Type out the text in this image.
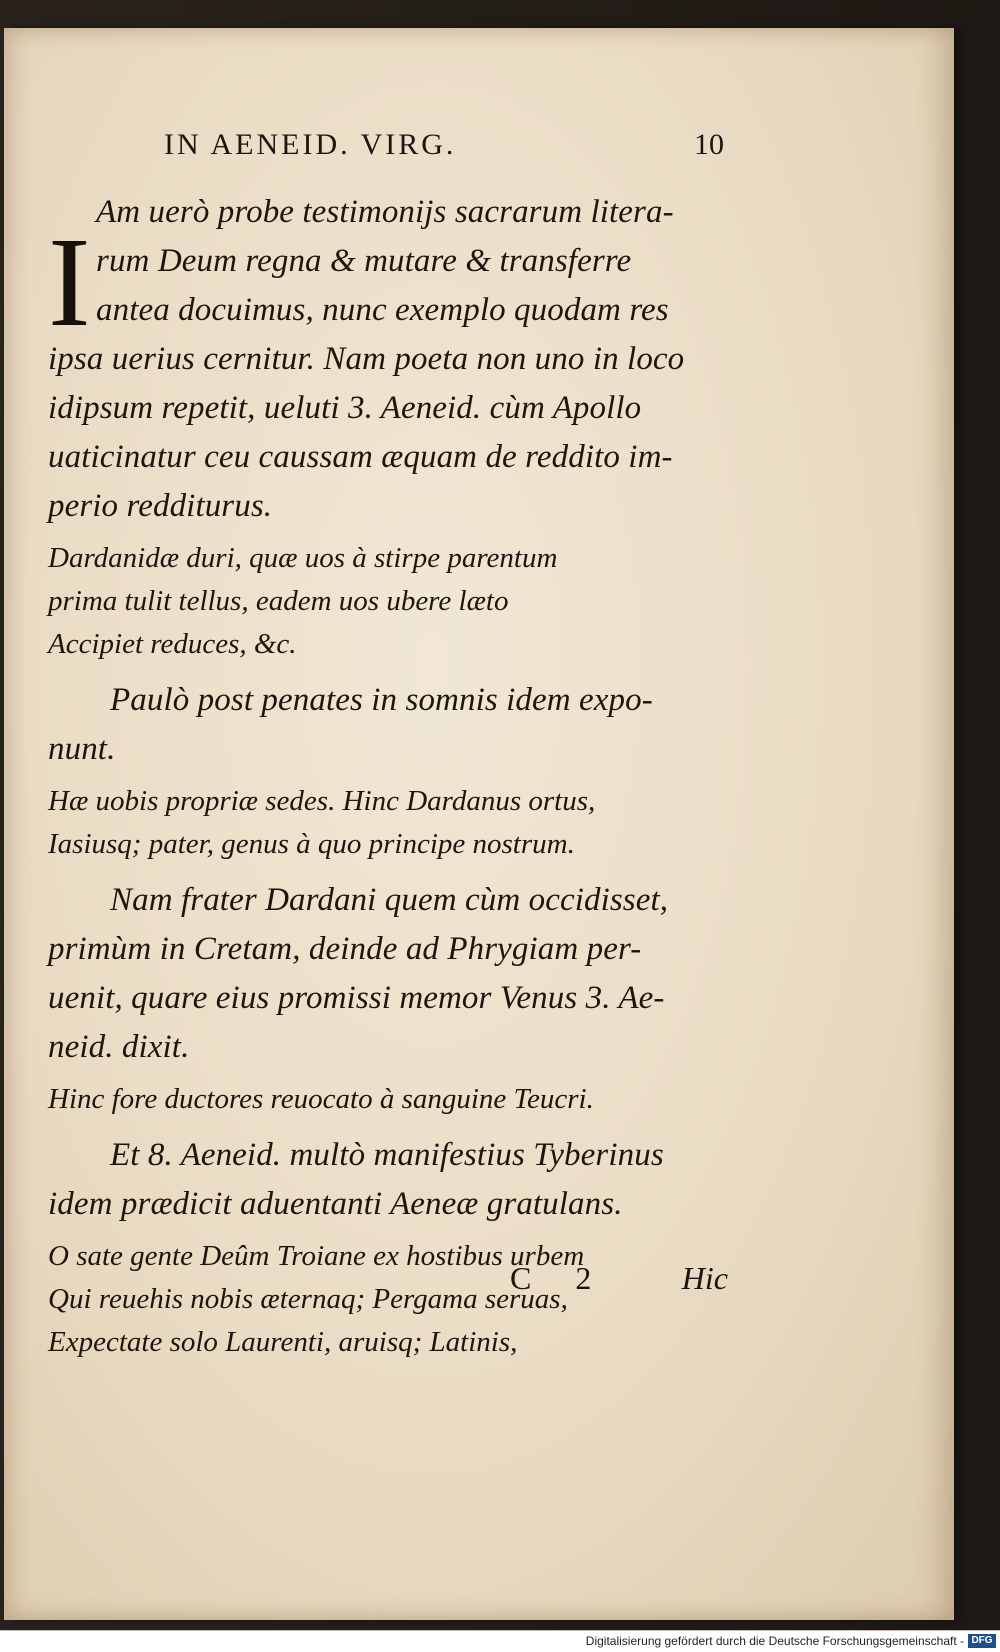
IN AENEID. VIRG.	10
I Am uerò probe testimonijs sacrarum litera-
rum Deum regna & mutare & transferre
antea docuimus, nunc exemplo quodam res
ipsa uerius cernitur. Nam poeta non uno in loco
idipsum repetit, ueluti 3. Aeneid. cùm Apollo
uaticinatur ceu caussam æquam de reddito im-
perio redditurus.
Dardanidæ duri, quæ uos à stirpe parentum
prima tulit tellus, eadem uos ubere læto
Accipiet reduces, &c.
Paulò post penates in somnis idem expo-
nunt.
Hæ uobis propriæ sedes. Hinc Dardanus ortus,
Iasiusq; pater, genus à quo principe nostrum.
Nam frater Dardani quem cùm occidisset,
primùm in Cretam, deinde ad Phrygiam per-
uenit, quare eius promissi memor Venus 3. Ae-
neid. dixit.
Hinc fore ductores reuocato à sanguine Teucri.
Et 8. Aeneid. multò manifestius Tyberinus
idem prædicit aduentanti Aeneæ gratulans.
O sate gente Deûm Troiane ex hostibus urbem
Qui reuehis nobis æternaq; Pergama seruas,
Expectate solo Laurenti, aruisq; Latinis,
C 2 Hic
Digitalisierung gefördert durch die Deutsche Forschungsgemeinschaft - DFG
